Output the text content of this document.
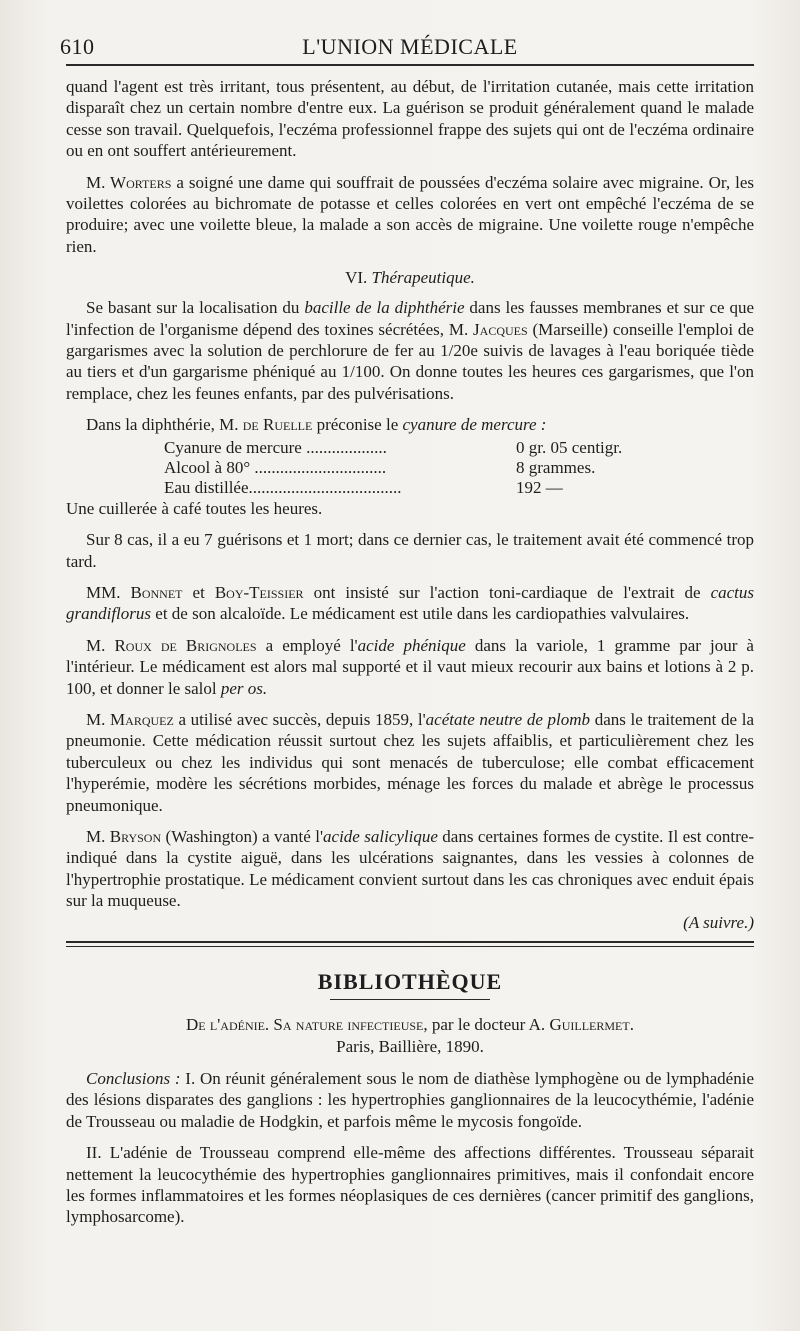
610	L'UNION MÉDICALE

quand l'agent est très irritant, tous présentent, au début, de l'irritation cutanée, mais cette irritation disparaît chez un certain nombre d'entre eux. La guérison se produit généralement quand le malade cesse son travail. Quelquefois, l'eczéma professionnel frappe des sujets qui ont de l'eczéma ordinaire ou en ont souffert antérieurement.

M. Worters a soigné une dame qui souffrait de poussées d'eczéma solaire avec migraine. Or, les voilettes colorées au bichromate de potasse et celles colorées en vert ont empêché l'eczéma de se produire; avec une voilette bleue, la malade a son accès de migraine. Une voilette rouge n'empêche rien.

VI. Thérapeutique.

Se basant sur la localisation du bacille de la diphthérie dans les fausses membranes et sur ce que l'infection de l'organisme dépend des toxines sécrétées, M. Jacques (Marseille) conseille l'emploi de gargarismes avec la solution de perchlorure de fer au 1/20e suivis de lavages à l'eau boriquée tiède au tiers et d'un gargarisme phéniqué au 1/100. On donne toutes les heures ces gargarismes, que l'on remplace, chez les feunes enfants, par des pulvérisations.

Dans la diphthérie, M. de Ruelle préconise le cyanure de mercure :

Cyanure de mercure ...................	0 gr. 05 centigr.
Alcool à 80° ...............................	8 grammes.
Eau distillée....................................	192 —

Une cuillerée à café toutes les heures.

Sur 8 cas, il a eu 7 guérisons et 1 mort; dans ce dernier cas, le traitement avait été commencé trop tard.

MM. Bonnet et Boy-Teissier ont insisté sur l'action toni-cardiaque de l'extrait de cactus grandiflorus et de son alcaloïde. Le médicament est utile dans les cardiopathies valvulaires.

M. Roux de Brignoles a employé l'acide phénique dans la variole, 1 gramme par jour à l'intérieur. Le médicament est alors mal supporté et il vaut mieux recourir aux bains et lotions à 2 p. 100, et donner le salol per os.

M. Marquez a utilisé avec succès, depuis 1859, l'acétate neutre de plomb dans le traitement de la pneumonie. Cette médication réussit surtout chez les sujets affaiblis, et particulièrement chez les tuberculeux ou chez les individus qui sont menacés de tuberculose; elle combat efficacement l'hyperémie, modère les sécrétions morbides, ménage les forces du malade et abrège le processus pneumonique.

M. Bryson (Washington) a vanté l'acide salicylique dans certaines formes de cystite. Il est contre-indiqué dans la cystite aiguë, dans les ulcérations saignantes, dans les vessies à colonnes de l'hypertrophie prostatique. Le médicament convient surtout dans les cas chroniques avec enduit épais sur la muqueuse.

(A suivre.)

BIBLIOTHÈQUE
De l'adénie. Sa nature infectieuse, par le docteur A. Guillermet.
Paris, Baillière, 1890.

Conclusions : I. On réunit généralement sous le nom de diathèse lymphogène ou de lymphadénie des lésions disparates des ganglions : les hypertrophies ganglionnaires de la leucocythémie, l'adénie de Trousseau ou maladie de Hodgkin, et parfois même le mycosis fongoïde.

II. L'adénie de Trousseau comprend elle-même des affections différentes. Trousseau séparait nettement la leucocythémie des hypertrophies ganglionnaires primitives, mais il confondait encore les formes inflammatoires et les formes néoplasiques de ces dernières (cancer primitif des ganglions, lymphosarcome).
